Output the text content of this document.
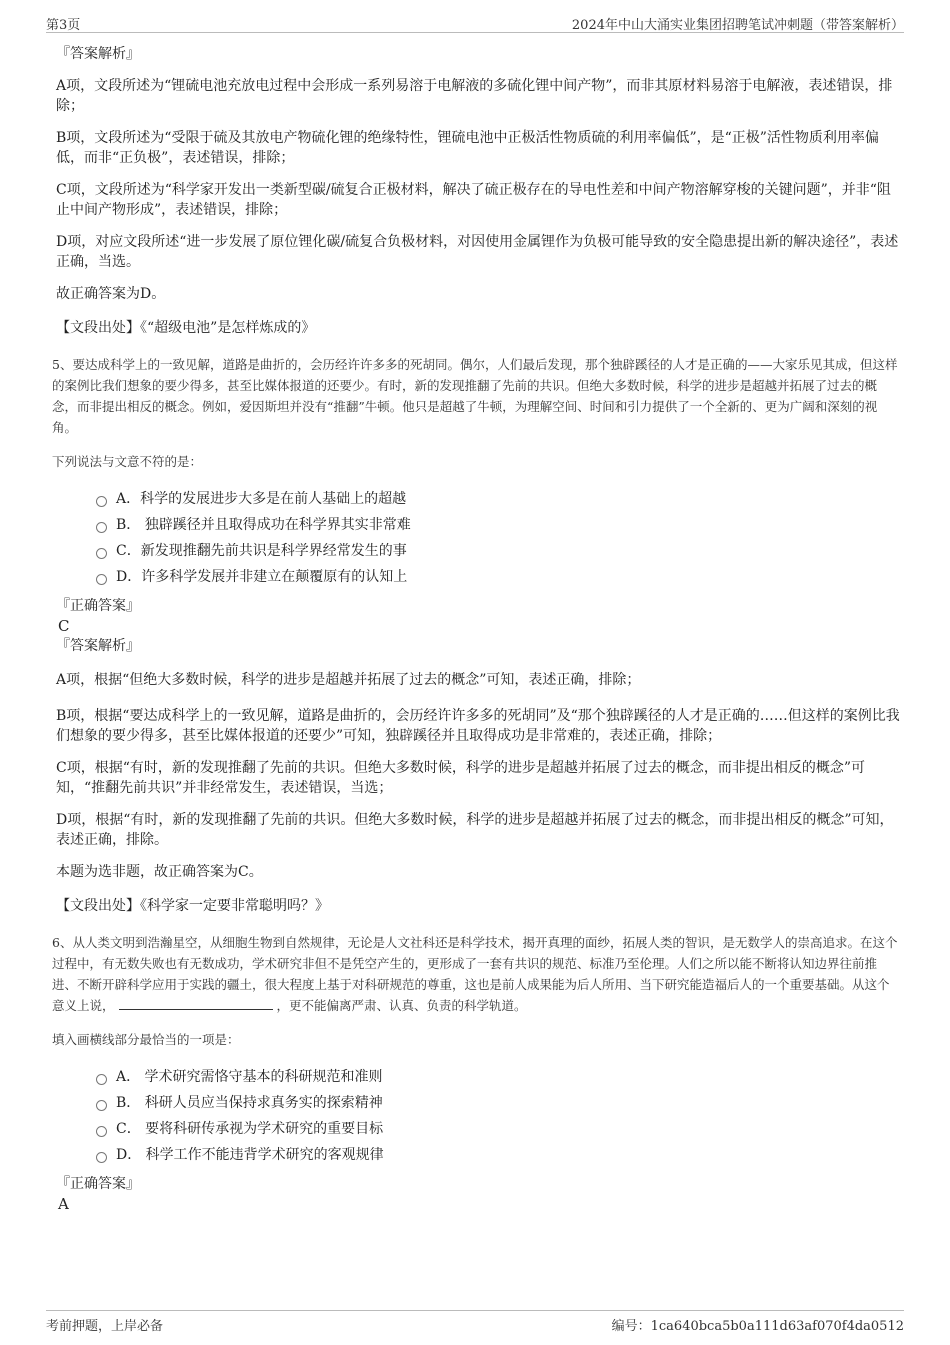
第3页	2024年中山大涌实业集团招聘笔试冲刺题（带答案解析）

『答案解析』

A项，文段所述为“锂硫电池充放电过程中会形成一系列易溶于电解液的多硫化锂中间产物”，而非其原材料易溶于电解液，表述错误，排除；

B项，文段所述为“受限于硫及其放电产物硫化锂的绝缘特性，锂硫电池中正极活性物质硫的利用率偏低”，是“正极”活性物质利用率偏低，而非“正负极”，表述错误，排除；

C项，文段所述为“科学家开发出一类新型碳/硫复合正极材料，解决了硫正极存在的导电性差和中间产物溶解穿梭的关键问题”，并非“阻止中间产物形成”，表述错误，排除；

D项，对应文段所述“进一步发展了原位锂化碳/硫复合负极材料，对因使用金属锂作为负极可能导致的安全隐患提出新的解决途径”，表述正确，当选。

故正确答案为D。

【文段出处】《“超级电池”是怎样炼成的》

5、要达成科学上的一致见解，道路是曲折的，会历经许许多多的死胡同。偶尔，人们最后发现，那个独辟蹊径的人才是正确的——大家乐见其成，但这样的案例比我们想象的要少得多，甚至比媒体报道的还要少。有时，新的发现推翻了先前的共识。但绝大多数时候，科学的进步是超越并拓展了过去的概念，而非提出相反的概念。例如，爱因斯坦并没有“推翻”牛顿。他只是超越了牛顿，为理解空间、时间和引力提供了一个全新的、更为广阔和深刻的视角。

下列说法与文意不符的是：

A．科学的发展进步大多是在前人基础上的超越
B． 独辟蹊径并且取得成功在科学界其实非常难
C．新发现推翻先前共识是科学界经常发生的事
D．许多科学发展并非建立在颠覆原有的认知上

『正确答案』

C

『答案解析』

A项，根据“但绝大多数时候，科学的进步是超越并拓展了过去的概念”可知，表述正确，排除；

B项，根据“要达成科学上的一致见解，道路是曲折的，会历经许许多多的死胡同”及“那个独辟蹊径的人才是正确的……但这样的案例比我们想象的要少得多，甚至比媒体报道的还要少”可知，独辟蹊径并且取得成功是非常难的，表述正确，排除；

C项，根据“有时，新的发现推翻了先前的共识。但绝大多数时候，科学的进步是超越并拓展了过去的概念，而非提出相反的概念”可知，“推翻先前共识”并非经常发生，表述错误，当选；

D项，根据“有时，新的发现推翻了先前的共识。但绝大多数时候，科学的进步是超越并拓展了过去的概念，而非提出相反的概念”可知，表述正确，排除。

本题为选非题，故正确答案为C。

【文段出处】《科学家一定要非常聪明吗？》

6、从人类文明到浩瀚星空，从细胞生物到自然规律，无论是人文社科还是科学技术，揭开真理的面纱，拓展人类的智识，是无数学人的崇高追求。在这个过程中，有无数失败也有无数成功，学术研究非但不是凭空产生的，更形成了一套有共识的规范、标准乃至伦理。人们之所以能不断将认知边界往前推进、不断开辟科学应用于实践的疆土，很大程度上基于对科研规范的尊重，这也是前人成果能为后人所用、当下研究能造福后人的一个重要基础。从这个意义上说，	，更不能偏离严肃、认真、负责的科学轨道。

填入画横线部分最恰当的一项是：

A． 学术研究需恪守基本的科研规范和准则
B． 科研人员应当保持求真务实的探索精神
C． 要将科研传承视为学术研究的重要目标
D． 科学工作不能违背学术研究的客观规律

『正确答案』

A

考前押题，上岸必备	编号：1ca640bca5b0a111d63af070f4da0512
